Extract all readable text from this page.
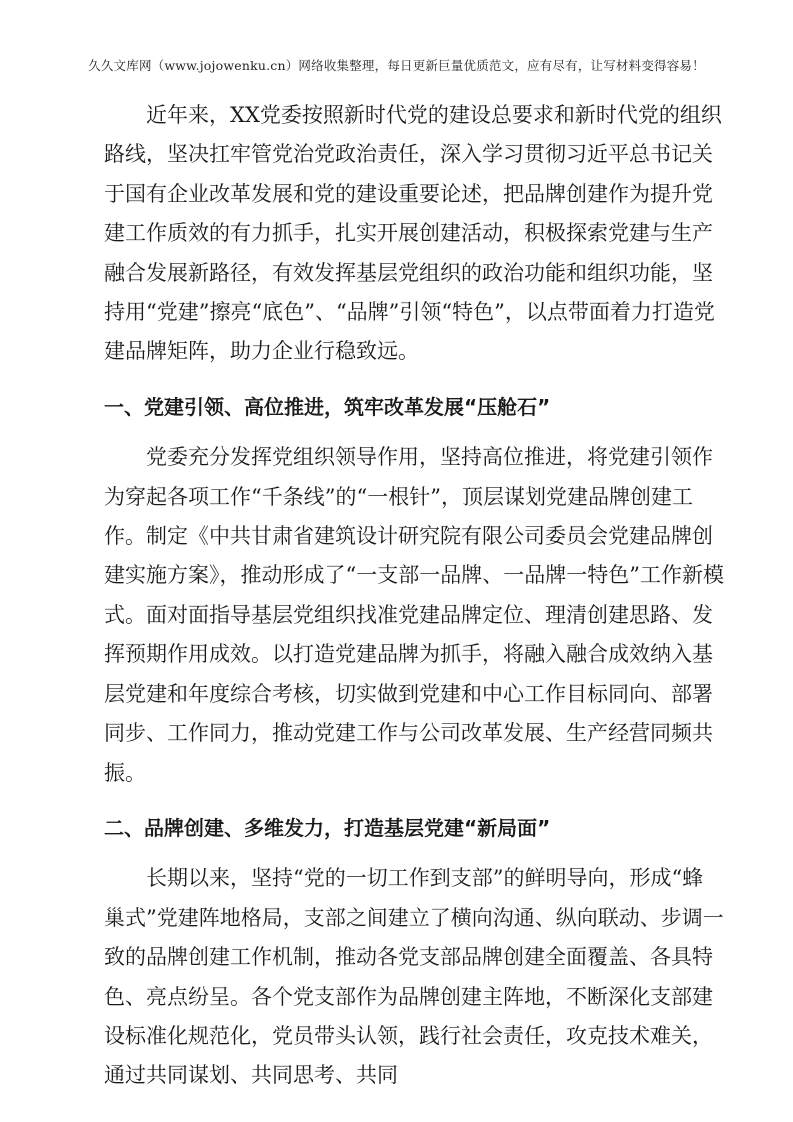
久久文库网（www.jojowenku.cn）网络收集整理，每日更新巨量优质范文，应有尽有，让写材料变得容易！

近年来，XX党委按照新时代党的建设总要求和新时代党的组织路线，坚决扛牢管党治党政治责任，深入学习贯彻习近平总书记关于国有企业改革发展和党的建设重要论述，把品牌创建作为提升党建工作质效的有力抓手，扎实开展创建活动，积极探索党建与生产融合发展新路径，有效发挥基层党组织的政治功能和组织功能，坚持用“党建”擦亮“底色”、“品牌”引领“特色”，以点带面着力打造党建品牌矩阵，助力企业行稳致远。

一、党建引领、高位推进，筑牢改革发展“压舱石”

党委充分发挥党组织领导作用，坚持高位推进，将党建引领作为穿起各项工作“千条线”的“一根针”，顶层谋划党建品牌创建工作。制定《中共甘肃省建筑设计研究院有限公司委员会党建品牌创建实施方案》，推动形成了“一支部一品牌、一品牌一特色”工作新模式。面对面指导基层党组织找准党建品牌定位、理清创建思路、发挥预期作用成效。以打造党建品牌为抓手，将融入融合成效纳入基层党建和年度综合考核，切实做到党建和中心工作目标同向、部署同步、工作同力，推动党建工作与公司改革发展、生产经营同频共振。

二、品牌创建、多维发力，打造基层党建“新局面”

长期以来，坚持“党的一切工作到支部”的鲜明导向，形成“蜂巢式”党建阵地格局，支部之间建立了横向沟通、纵向联动、步调一致的品牌创建工作机制，推动各党支部品牌创建全面覆盖、各具特色、亮点纷呈。各个党支部作为品牌创建主阵地，不断深化支部建设标准化规范化，党员带头认领，践行社会责任，攻克技术难关，通过共同谋划、共同思考、共同
